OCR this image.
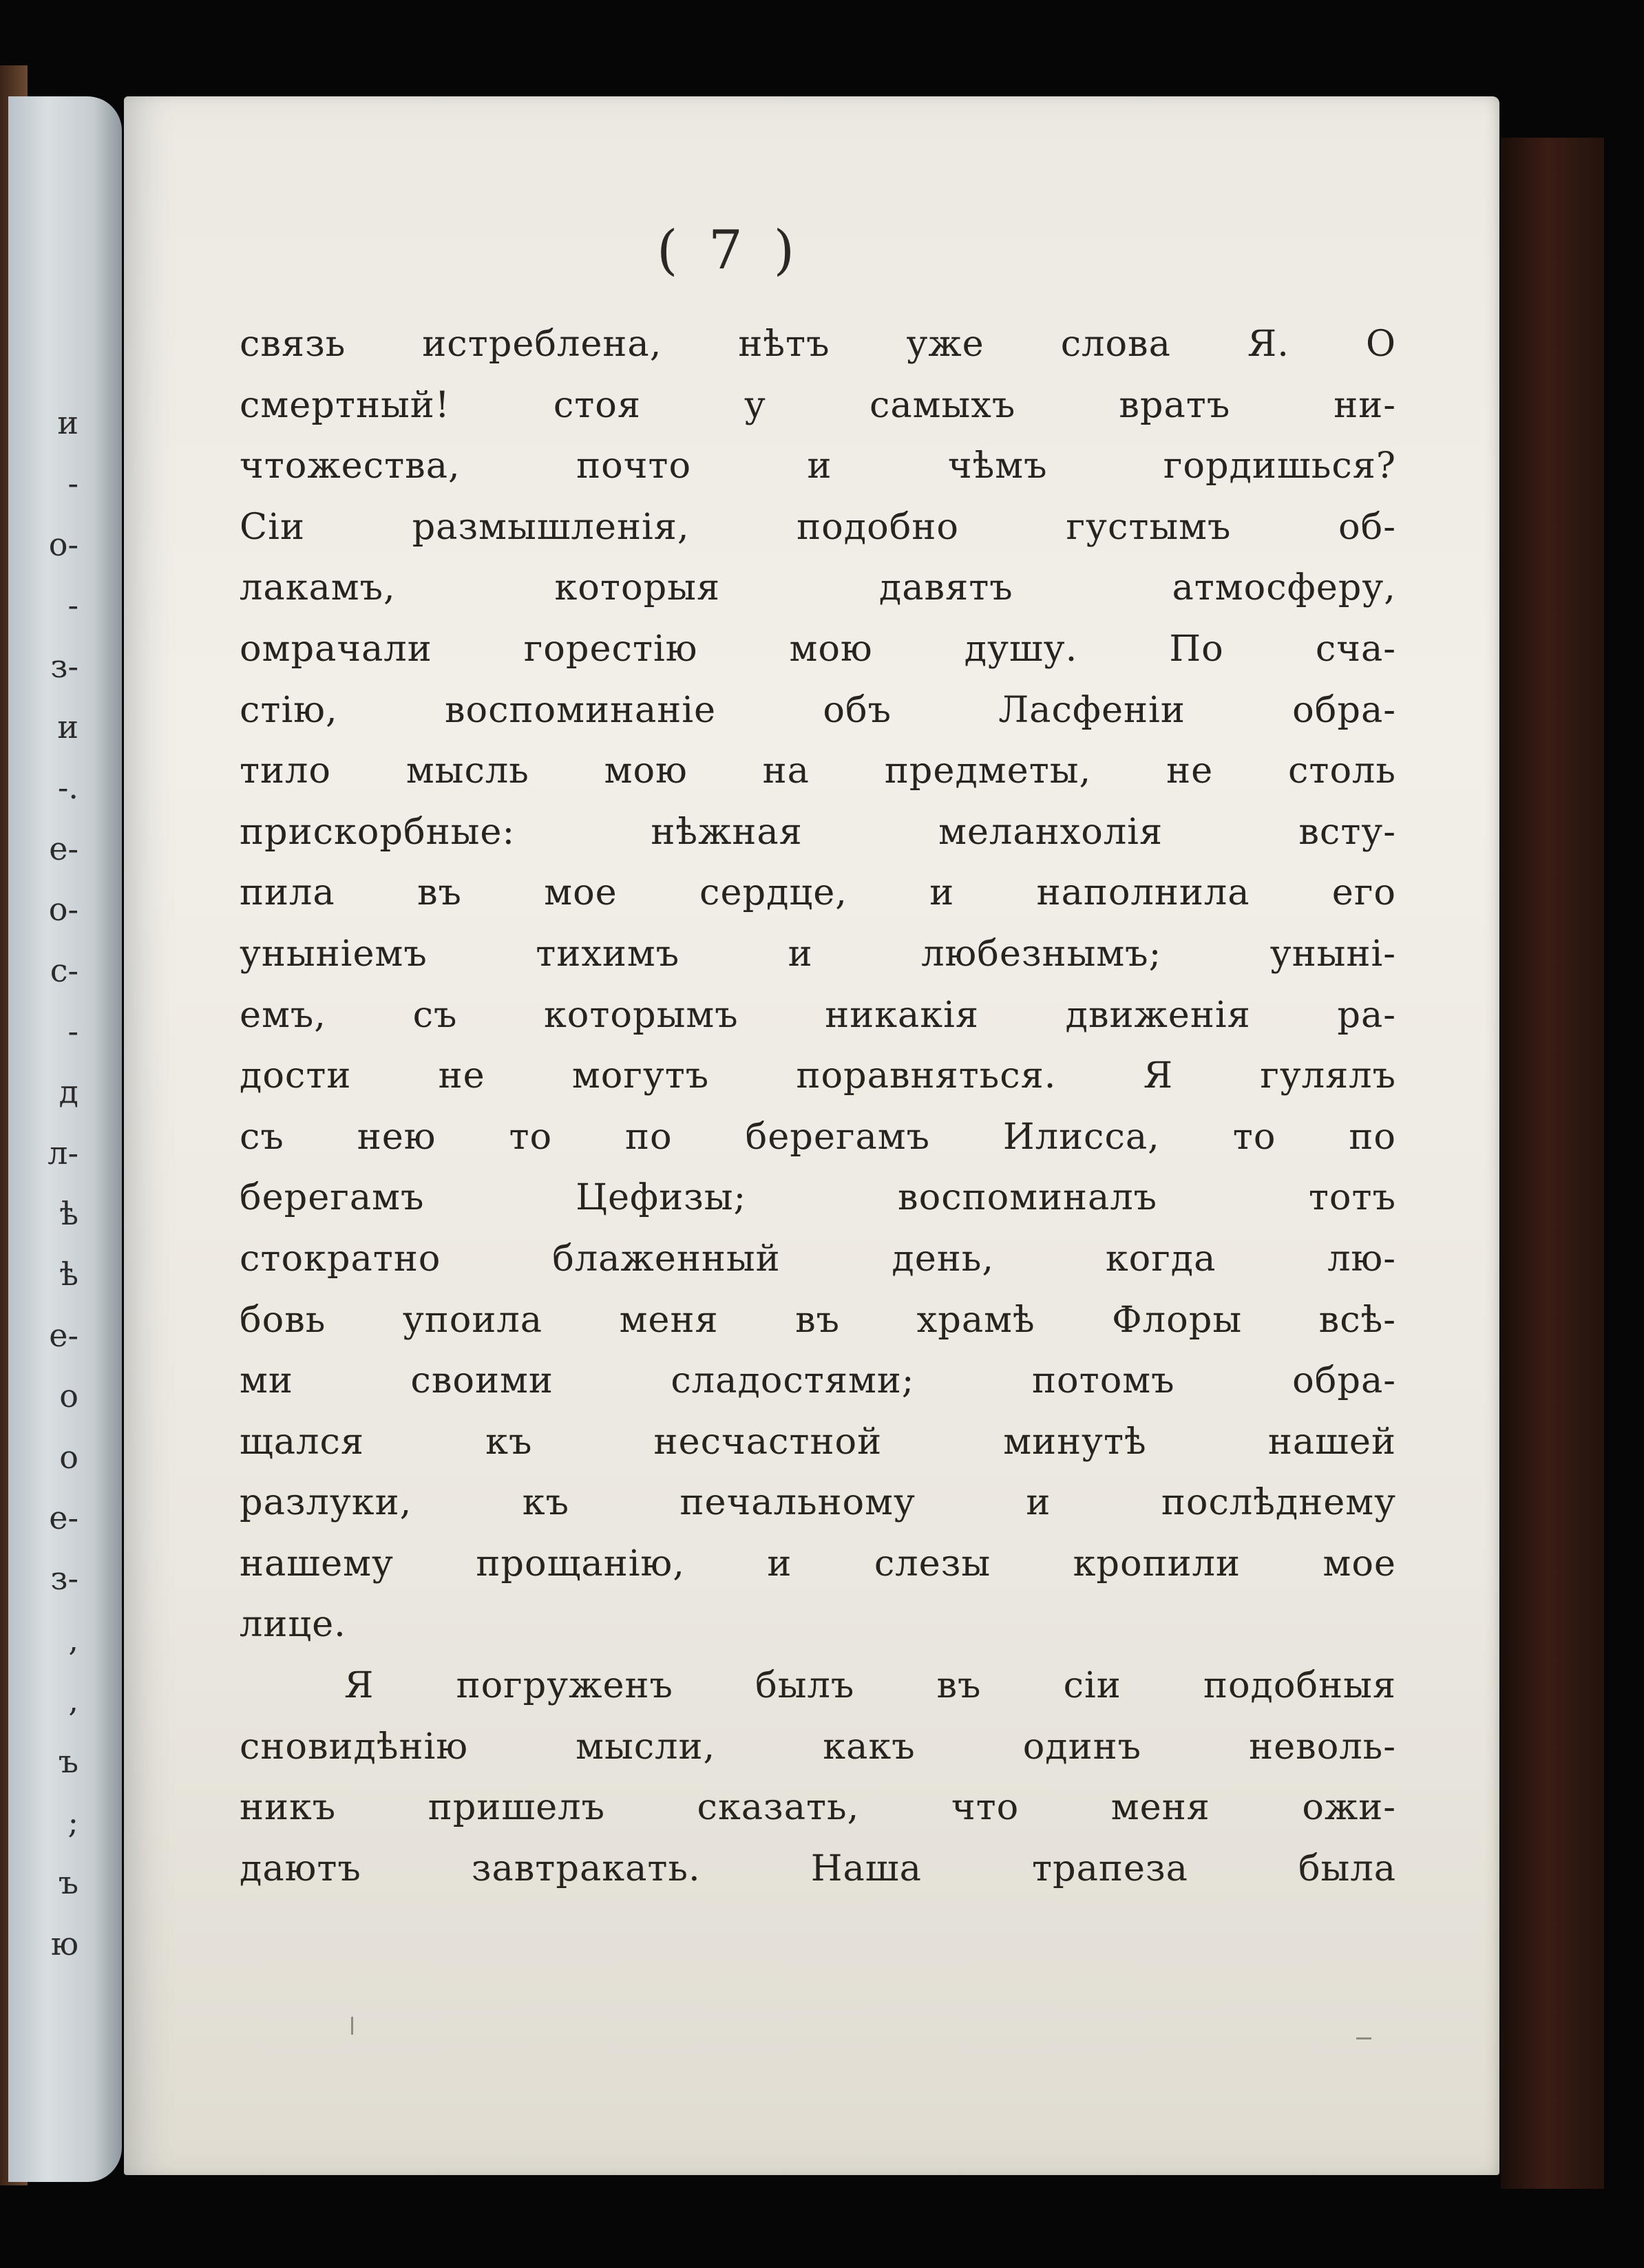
и
-
о-
-
з-
и
-.
е-
о-
с-
-
д
л-
ѣ
ѣ
е-
о
о
е-
з-
,
,
ъ
;
ъ
ю
( 7 )
связь истреблена, нѣтъ уже слова Я. О
смертный! стоя у самыхъ вратъ ни-
чтожества, почто и чѣмъ гордишься?
Сіи размышленія, подобно густымъ об-
лакамъ, которыя давятъ атмосферу,
омрачали горестію мою душу. По сча-
стію, воспоминаніе объ Ласфеніи обра-
тило мысль мою на предметы, не столь
прискорбные: нѣжная меланхолія всту-
пила въ мое сердце, и наполнила его
уныніемъ тихимъ и любезнымъ; уныні-
емъ, съ которымъ никакія движенія ра-
дости не могутъ поравняться. Я гулялъ
съ нею то по берегамъ Илисса, то по
берегамъ Цефизы; воспоминалъ тотъ
стократно блаженный день, когда лю-
бовь упоила меня въ храмѣ Флоры всѣ-
ми своими сладостями; потомъ обра-
щался къ несчастной минутѣ нашей
разлуки, къ печальному и послѣднему
нашему прощанію, и слезы кропили мое
лице.
Я погруженъ былъ въ сіи подобныя
сновидѣнію мысли, какъ одинъ неволь-
никъ пришелъ сказать, что меня ожи-
даютъ завтракать. Наша трапеза была
